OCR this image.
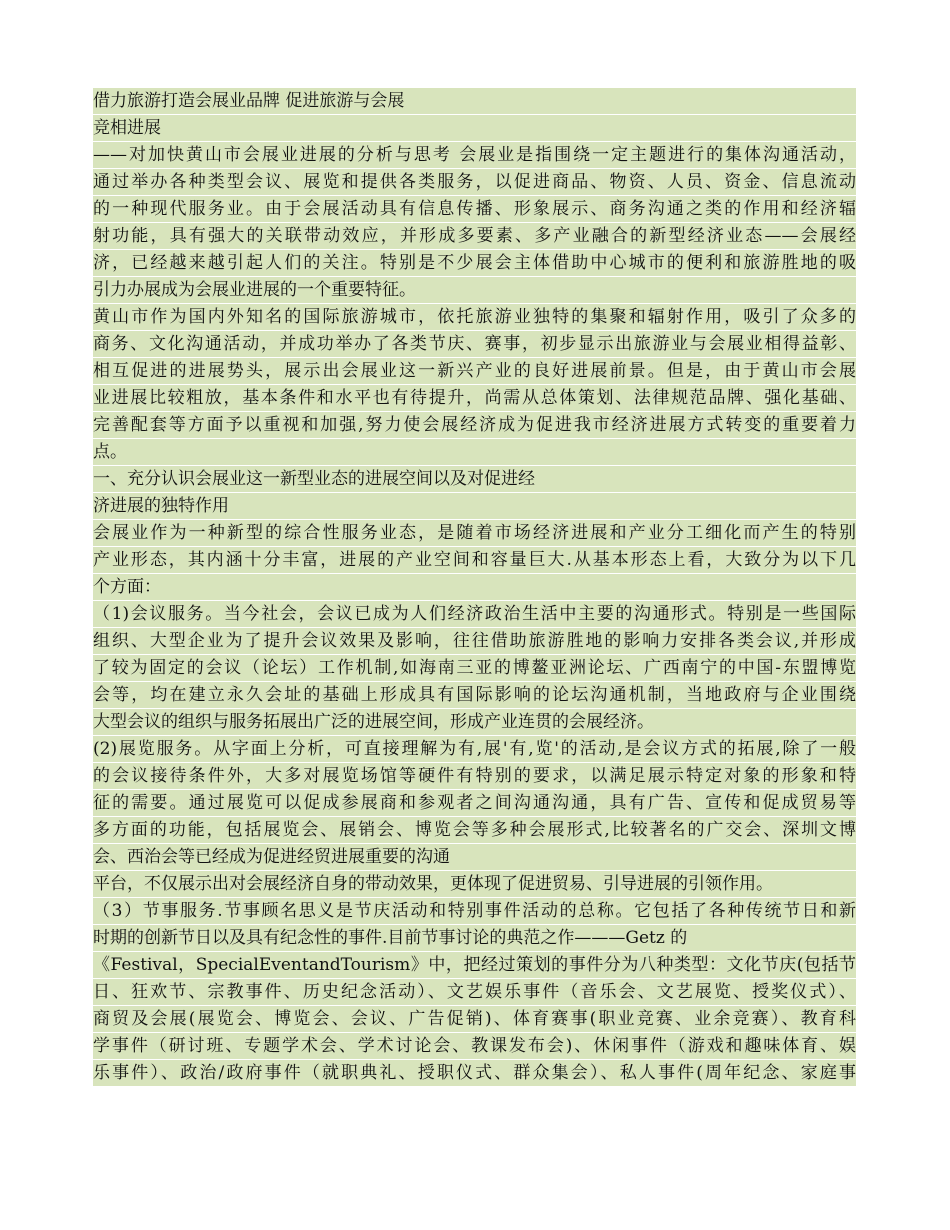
借力旅游打造会展业品牌 促进旅游与会展
竞相进展
——对加快黄山市会展业进展的分析与思考 会展业是指围绕一定主题进行的集体沟通活动，
通过举办各种类型会议、展览和提供各类服务，以促进商品、物资、人员、资金、信息流动
的一种现代服务业。由于会展活动具有信息传播、形象展示、商务沟通之类的作用和经济辐
射功能，具有强大的关联带动效应，并形成多要素、多产业融合的新型经济业态——会展经
济，已经越来越引起人们的关注。特别是不少展会主体借助中心城市的便利和旅游胜地的吸
引力办展成为会展业进展的一个重要特征。
黄山市作为国内外知名的国际旅游城市，依托旅游业独特的集聚和辐射作用，吸引了众多的
商务、文化沟通活动，并成功举办了各类节庆、赛事，初步显示出旅游业与会展业相得益彰、
相互促进的进展势头，展示出会展业这一新兴产业的良好进展前景。但是，由于黄山市会展
业进展比较粗放，基本条件和水平也有待提升，尚需从总体策划、法律规范品牌、强化基础、
完善配套等方面予以重视和加强,努力使会展经济成为促进我市经济进展方式转变的重要着力
点。
一、充分认识会展业这一新型业态的进展空间以及对促进经
济进展的独特作用
会展业作为一种新型的综合性服务业态，是随着市场经济进展和产业分工细化而产生的特别
产业形态，其内涵十分丰富，进展的产业空间和容量巨大.从基本形态上看，大致分为以下几
个方面：
（1)会议服务。当今社会，会议已成为人们经济政治生活中主要的沟通形式。特别是一些国际
组织、大型企业为了提升会议效果及影响，往往借助旅游胜地的影响力安排各类会议,并形成
了较为固定的会议（论坛）工作机制,如海南三亚的博鳌亚洲论坛、广西南宁的中国-东盟博览
会等，均在建立永久会址的基础上形成具有国际影响的论坛沟通机制，当地政府与企业围绕
大型会议的组织与服务拓展出广泛的进展空间，形成产业连贯的会展经济。
(2)展览服务。从字面上分析，可直接理解为有,展'有,览'的活动,是会议方式的拓展,除了一般
的会议接待条件外，大多对展览场馆等硬件有特别的要求，以满足展示特定对象的形象和特
征的需要。通过展览可以促成参展商和参观者之间沟通沟通，具有广告、宣传和促成贸易等
多方面的功能，包括展览会、展销会、博览会等多种会展形式,比较著名的广交会、深圳文博
会、西治会等已经成为促进经贸进展重要的沟通
平台，不仅展示出对会展经济自身的带动效果，更体现了促进贸易、引导进展的引领作用。
（3）节事服务.节事顾名思义是节庆活动和特别事件活动的总称。它包括了各种传统节日和新
时期的创新节日以及具有纪念性的事件.目前节事讨论的典范之作———Getz 的
《Festival，SpecialEventandTourism》中，把经过策划的事件分为八种类型：文化节庆(包括节
日、狂欢节、宗教事件、历史纪念活动）、文艺娱乐事件（音乐会、文艺展览、授奖仪式）、
商贸及会展(展览会、博览会、会议、广告促销)、体育赛事(职业竞赛、业余竞赛）、教育科
学事件（研讨班、专题学术会、学术讨论会、教课发布会)、休闲事件（游戏和趣味体育、娱
乐事件）、政治/政府事件（就职典礼、授职仪式、群众集会）、私人事件(周年纪念、家庭事
